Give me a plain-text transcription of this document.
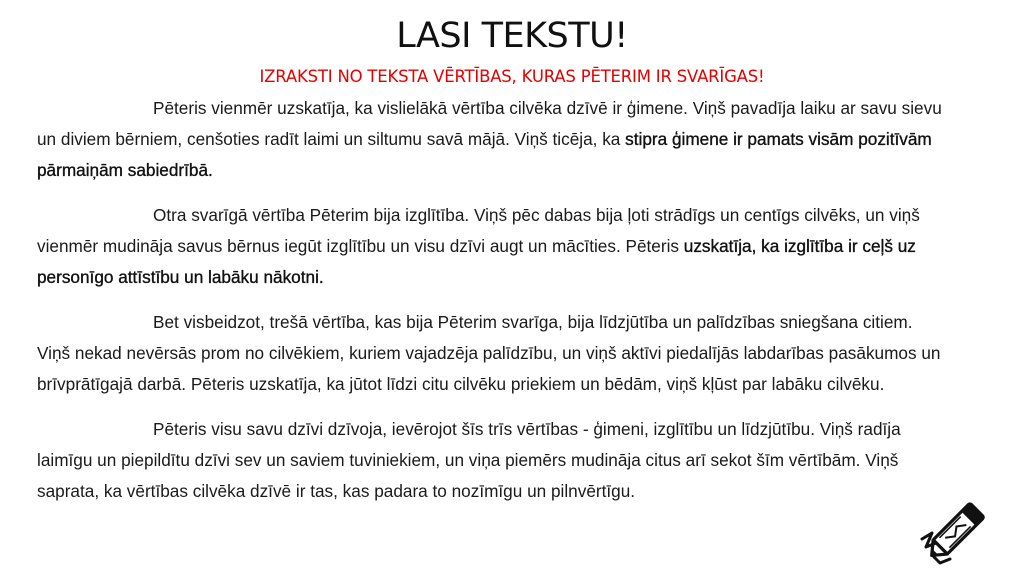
LASI TEKSTU!
IZRAKSTI NO TEKSTA VĒRTĪBAS, KURAS PĒTERIM IR SVARĪGAS!

Pēteris vienmēr uzskatīja, ka vislielākā vērtība cilvēka dzīvē ir ģimene. Viņš pavadīja laiku ar savu sievu un diviem bērniem, cenšoties radīt laimi un siltumu savā mājā. Viņš ticēja, ka stipra ģimene ir pamats visām pozitīvām pārmaiņām sabiedrībā.

Otra svarīgā vērtība Pēterim bija izglītība. Viņš pēc dabas bija ļoti strādīgs un centīgs cilvēks, un viņš vienmēr mudināja savus bērnus iegūt izglītību un visu dzīvi augt un mācīties. Pēteris uzskatīja, ka izglītība ir ceļš uz personīgo attīstību un labāku nākotni.

Bet visbeidzot, trešā vērtība, kas bija Pēterim svarīga, bija līdzjūtība un palīdzības sniegšana citiem. Viņš nekad nevērsās prom no cilvēkiem, kuriem vajadzēja palīdzību, un viņš aktīvi piedalījās labdarības pasākumos un brīvprātīgajā darbā. Pēteris uzskatīja, ka jūtot līdzi citu cilvēku priekiem un bēdām, viņš kļūst par labāku cilvēku.

Pēteris visu savu dzīvi dzīvoja, ievērojot šīs trīs vērtības - ģimeni, izglītību un līdzjūtību. Viņš radīja laimīgu un piepildītu dzīvi sev un saviem tuviniekiem, un viņa piemērs mudināja citus arī sekot šīm vērtībām. Viņš saprata, ka vērtības cilvēka dzīvē ir tas, kas padara to nozīmīgu un pilnvērtīgu.
